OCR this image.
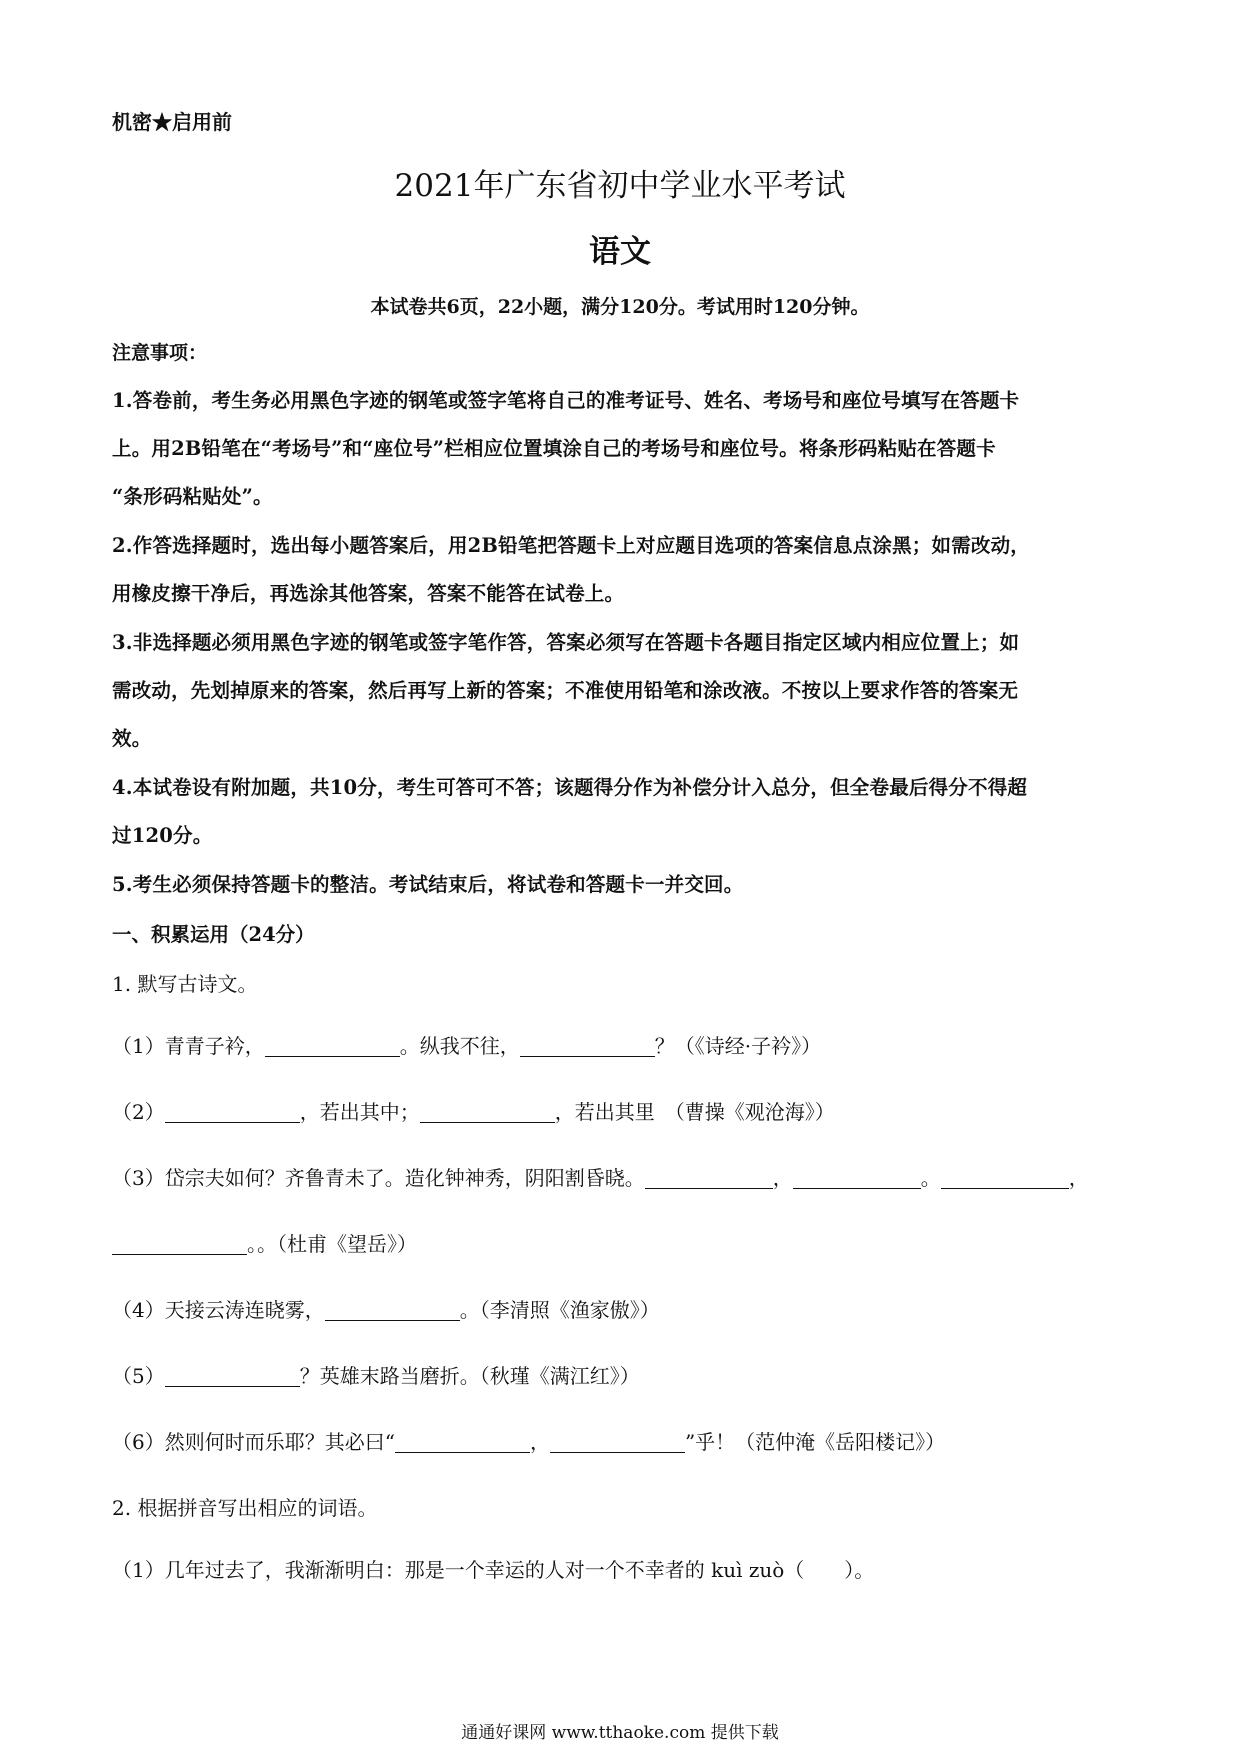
机密★启用前
2021年广东省初中学业水平考试
语文
本试卷共6页，22小题，满分120分。考试用时120分钟。
注意事项：
1.答卷前，考生务必用黑色字迹的钢笔或签字笔将自己的准考证号、姓名、考场号和座位号填写在答题卡
上。用2B铅笔在“考场号”和“座位号”栏相应位置填涂自己的考场号和座位号。将条形码粘贴在答题卡
“条形码粘贴处”。
2.作答选择题时，选出每小题答案后，用2B铅笔把答题卡上对应题目选项的答案信息点涂黑；如需改动，
用橡皮擦干净后，再选涂其他答案，答案不能答在试卷上。
3.非选择题必须用黑色字迹的钢笔或签字笔作答，答案必须写在答题卡各题目指定区域内相应位置上；如
需改动，先划掉原来的答案，然后再写上新的答案；不准使用铅笔和涂改液。不按以上要求作答的答案无
效。
4.本试卷设有附加题，共10分，考生可答可不答；该题得分作为补偿分计入总分，但全卷最后得分不得超
过120分。
5.考生必须保持答题卡的整洁。考试结束后，将试卷和答题卡一并交回。
一、积累运用（24分）
1. 默写古诗文。
（1）青青子衿，	。纵我不往，	？（《诗经·子衿》）
（2）	，若出其中；	，若出其里　（曹操《观沧海》）
（3）岱宗夫如何？齐鲁青未了。造化钟神秀，阴阳割昏晓。	，	。	，
。。（杜甫《望岳》）
（4）天接云涛连晓雾，	。（李清照《渔家傲》）
（5）	？英雄末路当磨折。（秋瑾《满江红》）
（6）然则何时而乐耶？其必曰“	，	”乎！（范仲淹《岳阳楼记》）
2. 根据拼音写出相应的词语。
（1）几年过去了，我渐渐明白：那是一个幸运的人对一个不幸者的 kuì zuò（　　）。
通通好课网 www.tthaoke.com 提供下载
